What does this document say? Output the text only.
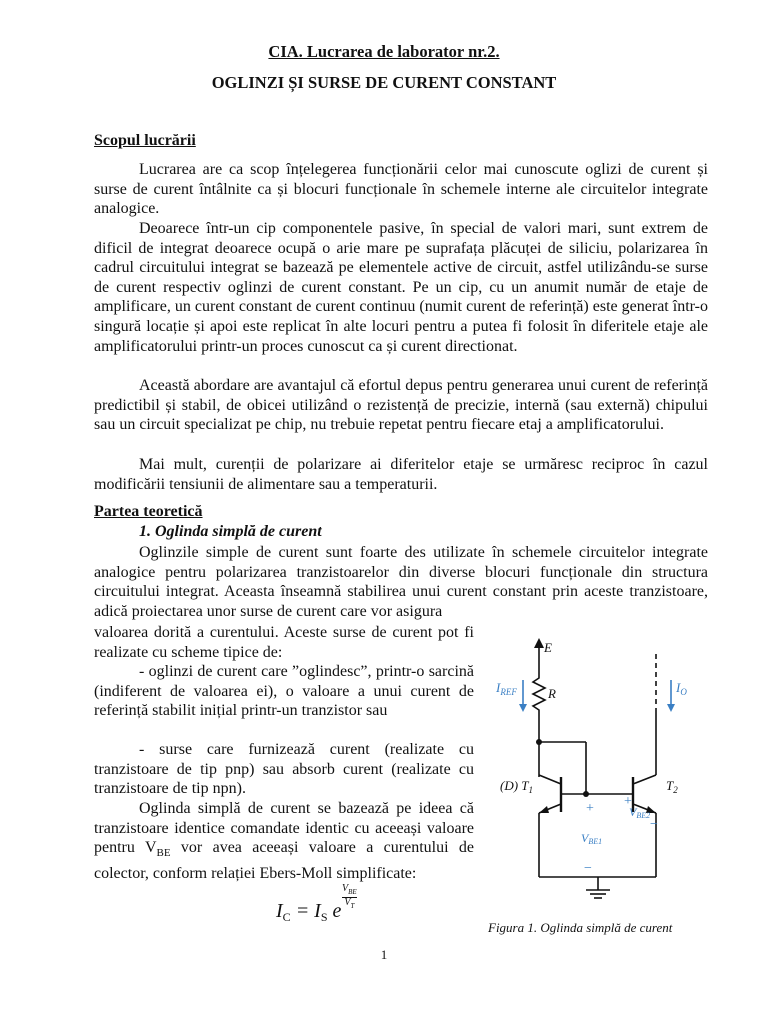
CIA. Lucrarea de laborator nr.2.
OGLINZI ȘI SURSE DE CURENT CONSTANT
Scopul lucrării

Lucrarea are ca scop înțelegerea funcționării celor mai cunoscute oglizi de curent și surse de curent întâlnite ca și blocuri funcționale în schemele interne ale circuitelor integrate analogice.

Deoarece într-un cip componentele pasive, în special de valori mari, sunt extrem de dificil de integrat deoarece ocupă o arie mare pe suprafața plăcuței de siliciu, polarizarea în cadrul circuitului integrat se bazează pe elementele active de circuit, astfel utilizându-se surse de curent respectiv oglinzi de curent constant. Pe un cip, cu un anumit număr de etaje de amplificare, un curent constant de curent continuu (numit curent de referință) este generat într-o singură locație și apoi este replicat în alte locuri pentru a putea fi folosit în diferitele etaje ale amplificatorului printr-un proces cunoscut ca și curent directionat.

Această abordare are avantajul că efortul depus pentru generarea unui curent de referință predictibil și stabil, de obicei utilizând o rezistență de precizie, internă (sau externă) chipului sau un circuit specializat pe chip, nu trebuie repetat pentru fiecare etaj a amplificatorului.

Mai mult, curenții de polarizare ai diferitelor etaje se urmăresc reciproc în cazul modificării tensiunii de alimentare sau a temperaturii.

Partea teoretică
1. Oglinda simplă de curent

Oglinzile simple de curent sunt foarte des utilizate în schemele circuitelor integrate analogice pentru polarizarea tranzistoarelor din diverse blocuri funcționale din structura circuitului integrat. Aceasta înseamnă stabilirea unui curent constant prin aceste tranzistoare, adică proiectarea unor surse de curent care vor asigura

valoarea dorită a curentului. Aceste surse de curent pot fi realizate cu scheme tipice de:

- oglinzi de curent care ”oglindesc”, printr-o sarcină (indiferent de valoarea ei), o valoare a unui curent de referință stabilit inițial printr-un tranzistor sau

- surse care furnizează curent (realizate cu tranzistoare de tip pnp) sau absorb curent (realizate cu tranzistoare de tip npn).

Oglinda simplă de curent se bazează pe ideea că tranzistoare identice comandate identic cu aceeași valoare pentru $V_{BE}$ vor avea aceeași valoare a curentului de colector, conform relației Ebers-Moll simplificate:

$I_C = I_S$ e
$V_{BE}$
$V_T$
E
R
$I_{REF}$	$I_O$
(D) $T_1$	$T_2$
+ +
VBE2
−
VBE1
−
Figura 1. Oglinda simplă de curent
1
